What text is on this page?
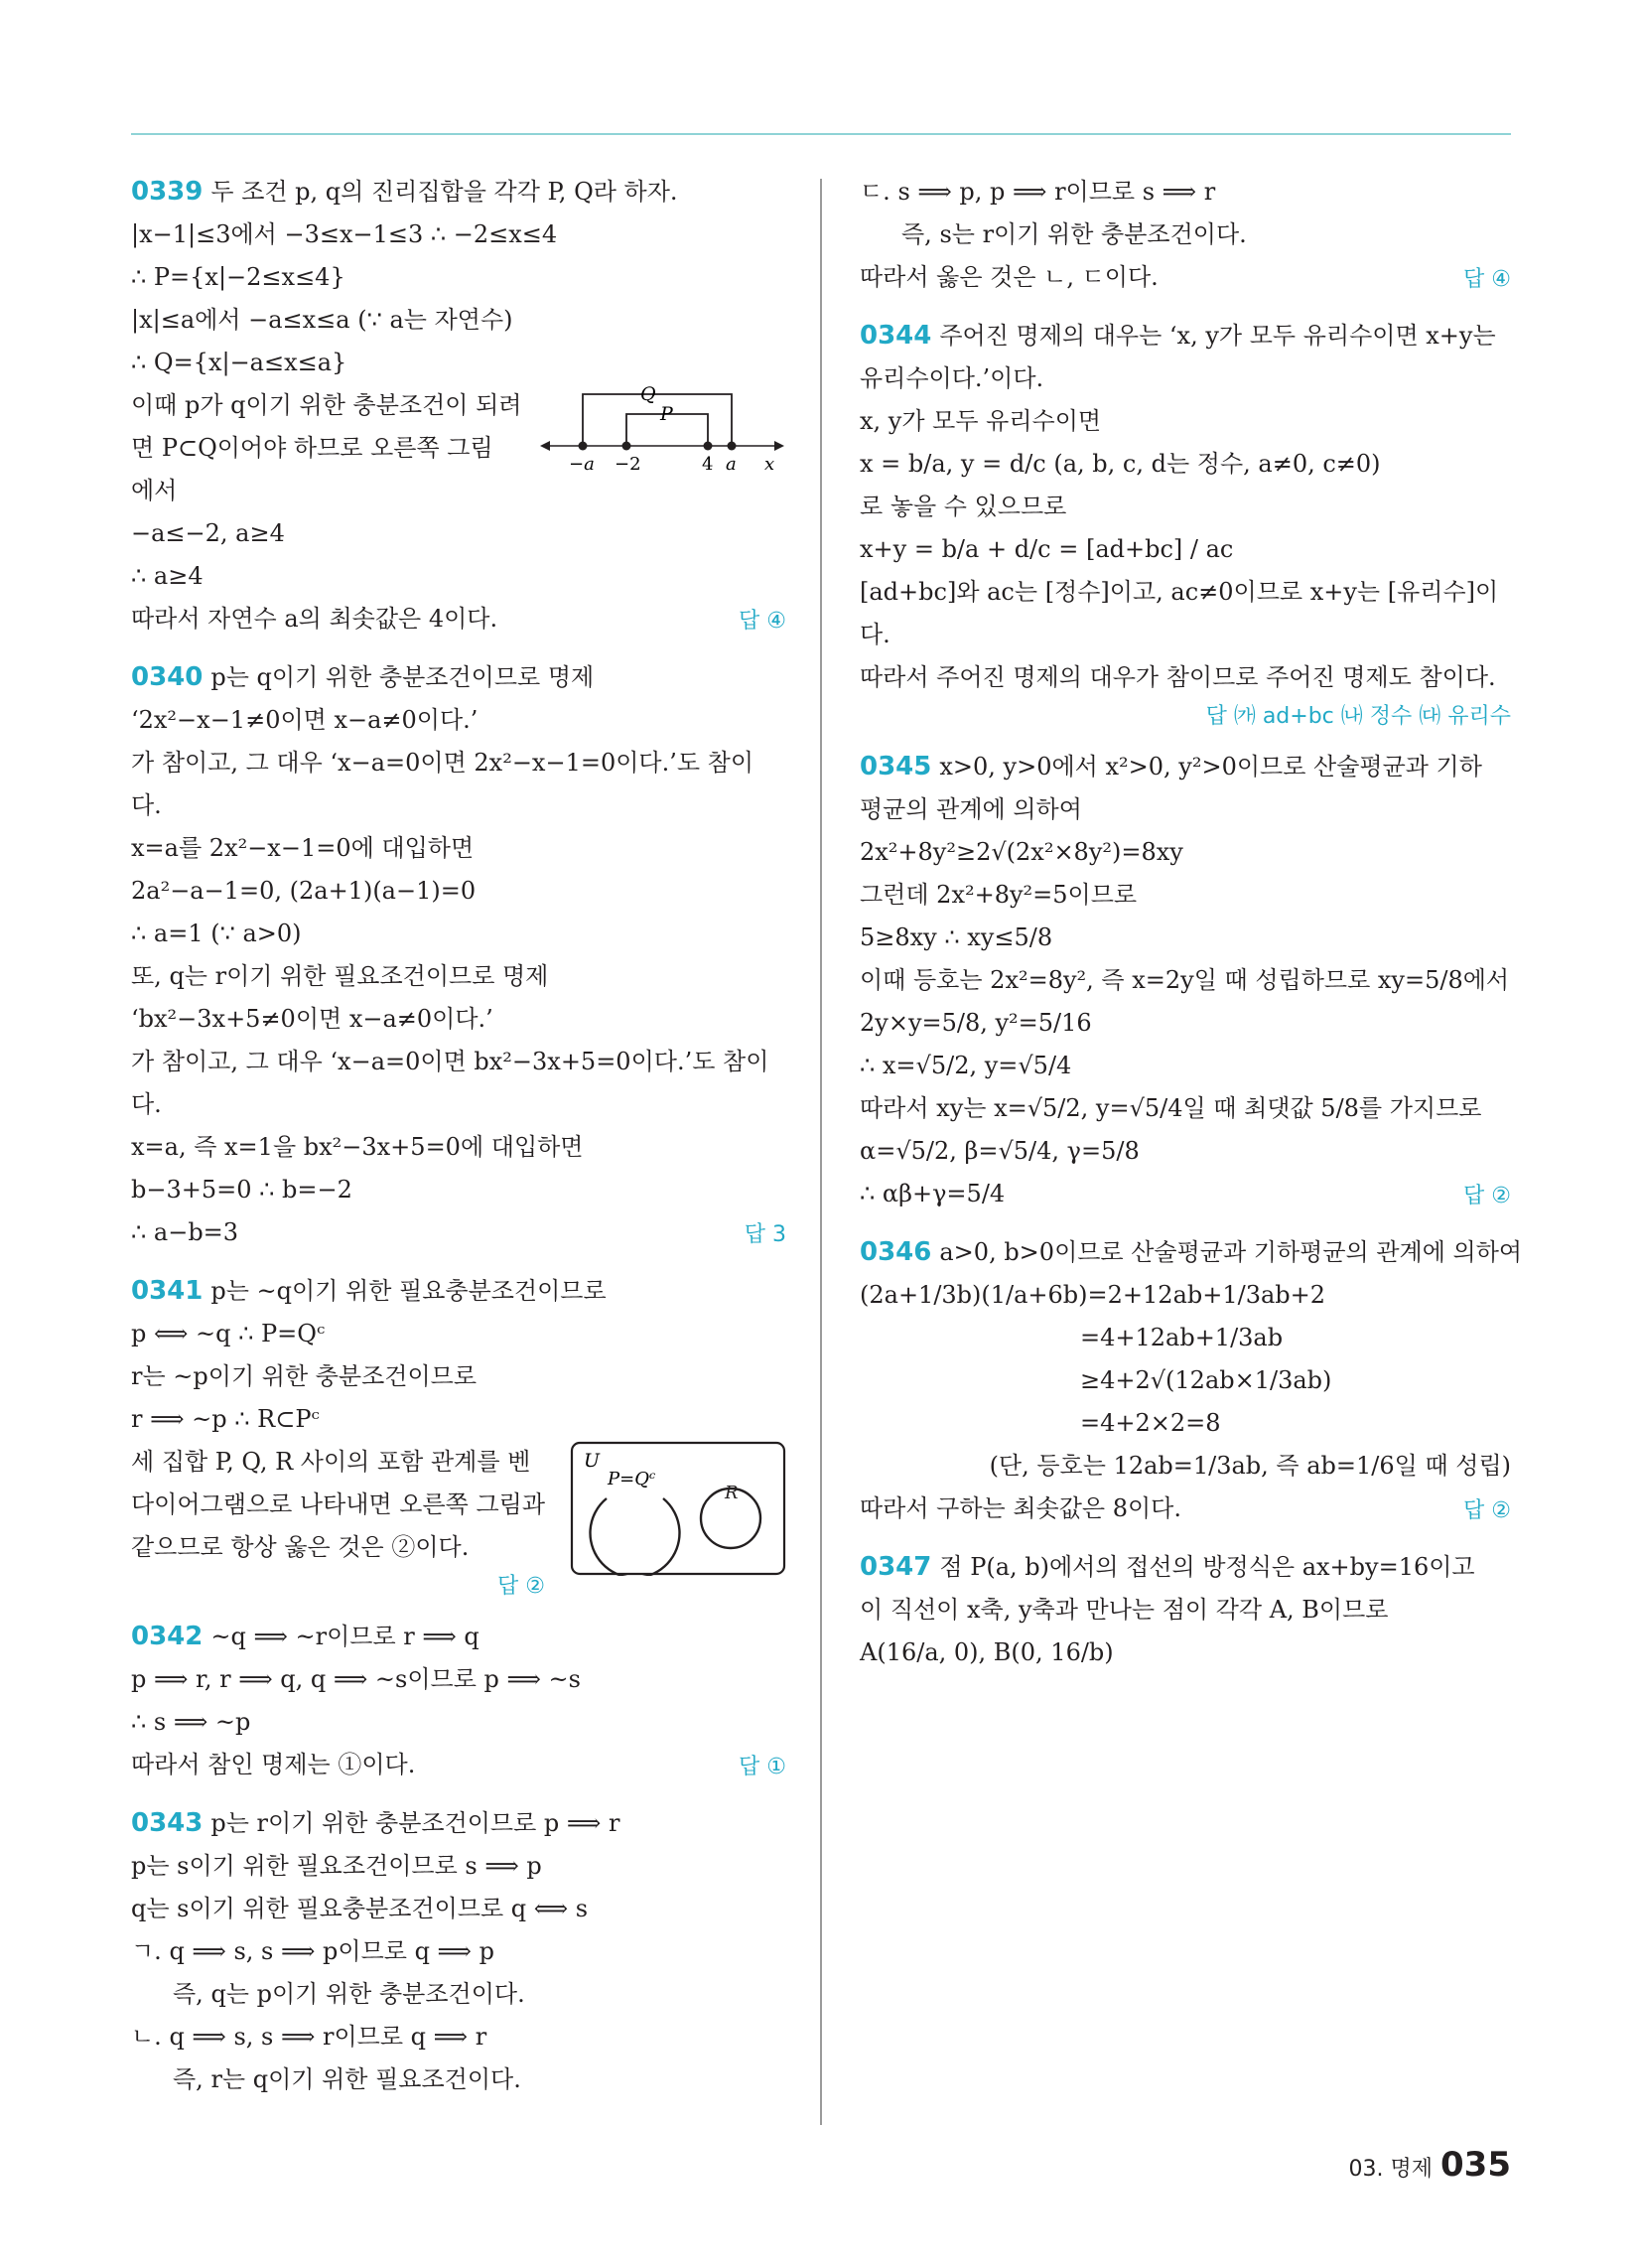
0339 두 조건 p, q의 진리집합을 각각 P, Q라 하자.
|x−1|≤3에서 −3≤x−1≤3 ∴ −2≤x≤4
∴ P={x|−2≤x≤4}
|x|≤a에서 −a≤x≤a (∵ a는 자연수)
∴ Q={x|−a≤x≤a}
이때 p가 q이기 위한 충분조건이 되려
면 P⊂Q이어야 하므로 오른쪽 그림
에서
Q
P
−a −2	4 a x
−a≤−2, a≥4
∴ a≥4
따라서 자연수 a의 최솟값은 4이다.	답 ④
0340 p는 q이기 위한 충분조건이므로 명제
‘2x²−x−1≠0이면 x−a≠0이다.’
가 참이고, 그 대우 ‘x−a=0이면 2x²−x−1=0이다.’도 참이
다.
x=a를 2x²−x−1=0에 대입하면
2a²−a−1=0, (2a+1)(a−1)=0
∴ a=1 (∵ a>0)
또, q는 r이기 위한 필요조건이므로 명제
‘bx²−3x+5≠0이면 x−a≠0이다.’
가 참이고, 그 대우 ‘x−a=0이면 bx²−3x+5=0이다.’도 참이
다.
x=a, 즉 x=1을 bx²−3x+5=0에 대입하면
b−3+5=0 ∴ b=−2
∴ a−b=3	답 3
0341 p는 ~q이기 위한 필요충분조건이므로
p ⟺ ~q ∴ P=Qᶜ
r는 ~p이기 위한 충분조건이므로
r ⟹ ~p ∴ R⊂Pᶜ
세 집합 P, Q, R 사이의 포함 관계를 벤
다이어그램으로 나타내면 오른쪽 그림과
같으므로 항상 옳은 것은 ②이다.
답 ②
U
P=Qᶜ
R
0342 ~q ⟹ ~r이므로 r ⟹ q
p ⟹ r, r ⟹ q, q ⟹ ~s이므로 p ⟹ ~s
∴ s ⟹ ~p
따라서 참인 명제는 ①이다.	답 ①
0343 p는 r이기 위한 충분조건이므로 p ⟹ r
p는 s이기 위한 필요조건이므로 s ⟹ p
q는 s이기 위한 필요충분조건이므로 q ⟺ s
ㄱ. q ⟹ s, s ⟹ p이므로 q ⟹ p
즉, q는 p이기 위한 충분조건이다.
ㄴ. q ⟹ s, s ⟹ r이므로 q ⟹ r
즉, r는 q이기 위한 필요조건이다.
ㄷ. s ⟹ p, p ⟹ r이므로 s ⟹ r
즉, s는 r이기 위한 충분조건이다.
따라서 옳은 것은 ㄴ, ㄷ이다.	답 ④
0344 주어진 명제의 대우는 ‘x, y가 모두 유리수이면 x+y는
유리수이다.’이다.
x, y가 모두 유리수이면
x = b/a, y = d/c (a, b, c, d는 정수, a≠0, c≠0)
로 놓을 수 있으므로
x+y = b/a + d/c = [ad+bc] / ac
[ad+bc]와 ac는 [정수]이고, ac≠0이므로 x+y는 [유리수]이
다.
따라서 주어진 명제의 대우가 참이므로 주어진 명제도 참이다.
답 ㈎ ad+bc ㈏ 정수 ㈐ 유리수
0345 x>0, y>0에서 x²>0, y²>0이므로 산술평균과 기하
평균의 관계에 의하여
2x²+8y²≥2√(2x²×8y²)=8xy
그런데 2x²+8y²=5이므로
5≥8xy ∴ xy≤5/8
이때 등호는 2x²=8y², 즉 x=2y일 때 성립하므로 xy=5/8에서
2y×y=5/8, y²=5/16
∴ x=√5/2, y=√5/4
따라서 xy는 x=√5/2, y=√5/4일 때 최댓값 5/8를 가지므로
α=√5/2, β=√5/4, γ=5/8
∴ αβ+γ=5/4	답 ②
0346 a>0, b>0이므로 산술평균과 기하평균의 관계에 의하여
(2a+1/3b)(1/a+6b)=2+12ab+1/3ab+2
=4+12ab+1/3ab
≥4+2√(12ab×1/3ab)
=4+2×2=8
(단, 등호는 12ab=1/3ab, 즉 ab=1/6일 때 성립)
따라서 구하는 최솟값은 8이다.	답 ②
0347 점 P(a, b)에서의 접선의 방정식은 ax+by=16이고
이 직선이 x축, y축과 만나는 점이 각각 A, B이므로
A(16/a, 0), B(0, 16/b)
03. 명제 035
